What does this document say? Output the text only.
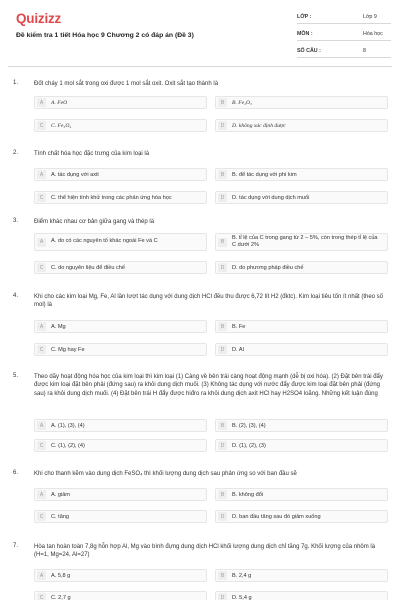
Quizizz
Đề kiểm tra 1 tiết Hóa học 9 Chương 2 có đáp án (Đề 3)
LỚP :	Lớp 9
MÔN :	Hóa học
SỐ CÂU :	8
1.	Đốt cháy 1 mol sắt trong oxi được 1 mol sắt oxit. Oxit sắt tạo thành là
A	A. FeO	B	B. Fe₂O₃
C	C. Fe₃O₄	D	D. không xác định được
2.	Tính chất hóa học đặc trưng của kim loại là
A	A. tác dụng với axit	B	B. để tác dụng với phi kim
C	C. thể hiện tính khử trong các phản ứng hóa học	D	D. tác dụng với dung dịch muối
3.	Điểm khác nhau cơ bản giữa gang và thép là
A	A. do có các nguyên tố khác ngoài Fe và C	B
B. tỉ lệ của C trong gang từ 2 – 5%, còn trong thép tỉ lệ của C dưới 2%
C	C. do nguyên liệu để điều chế	D	D. do phương pháp điều chế
4.	Khi cho các kim loại Mg, Fe, Al lần lượt tác dụng với dung dịch HCl đều thu được 6,72 lít H2 (đktc). Kim loại tiêu tốn ít nhất (theo số mol) là
A	A. Mg	B	B. Fe
C	C. Mg hay Fe	D	D. Al
5.	Theo dãy hoạt động hóa học của kim loại thì kim loại (1) Càng về bên trái càng hoạt động mạnh (dễ bị oxi hóa). (2) Đặt bên trái đẩy được kim loại đặt bên phải (đứng sau) ra khỏi dung dịch muối. (3) Không tác dụng với nước đẩy được kim loại đặt bên phải (đứng sau) ra khỏi dung dịch muối. (4) Đặt bên trái H đẩy được hiđro ra khỏi dung dịch axit HCl hay H2SO4 loãng. Những kết luận đúng
A	A. (1), (3), (4)	B	B. (2), (3), (4)
C	C. (1), (2), (4)	D	D. (1), (2), (3)
6.	Khi cho thanh kẽm vào dung dịch FeSO₄ thì khối lượng dung dịch sau phản ứng so với ban đầu sẽ
A	A. giảm	B	B. không đổi
C	C. tăng	D	D. ban đầu tăng sau đó giảm xuống
7.	Hòa tan hoàn toàn 7,8g hỗn hợp Al, Mg vào bình đựng dung dịch HCl khối lượng dung dịch chỉ tăng 7g. Khối lượng của nhôm là (H=1, Mg=24, Al=27)
A	A. 5,8 g	B	B. 2,4 g
C	C. 2,7 g	D	D. 5,4 g
